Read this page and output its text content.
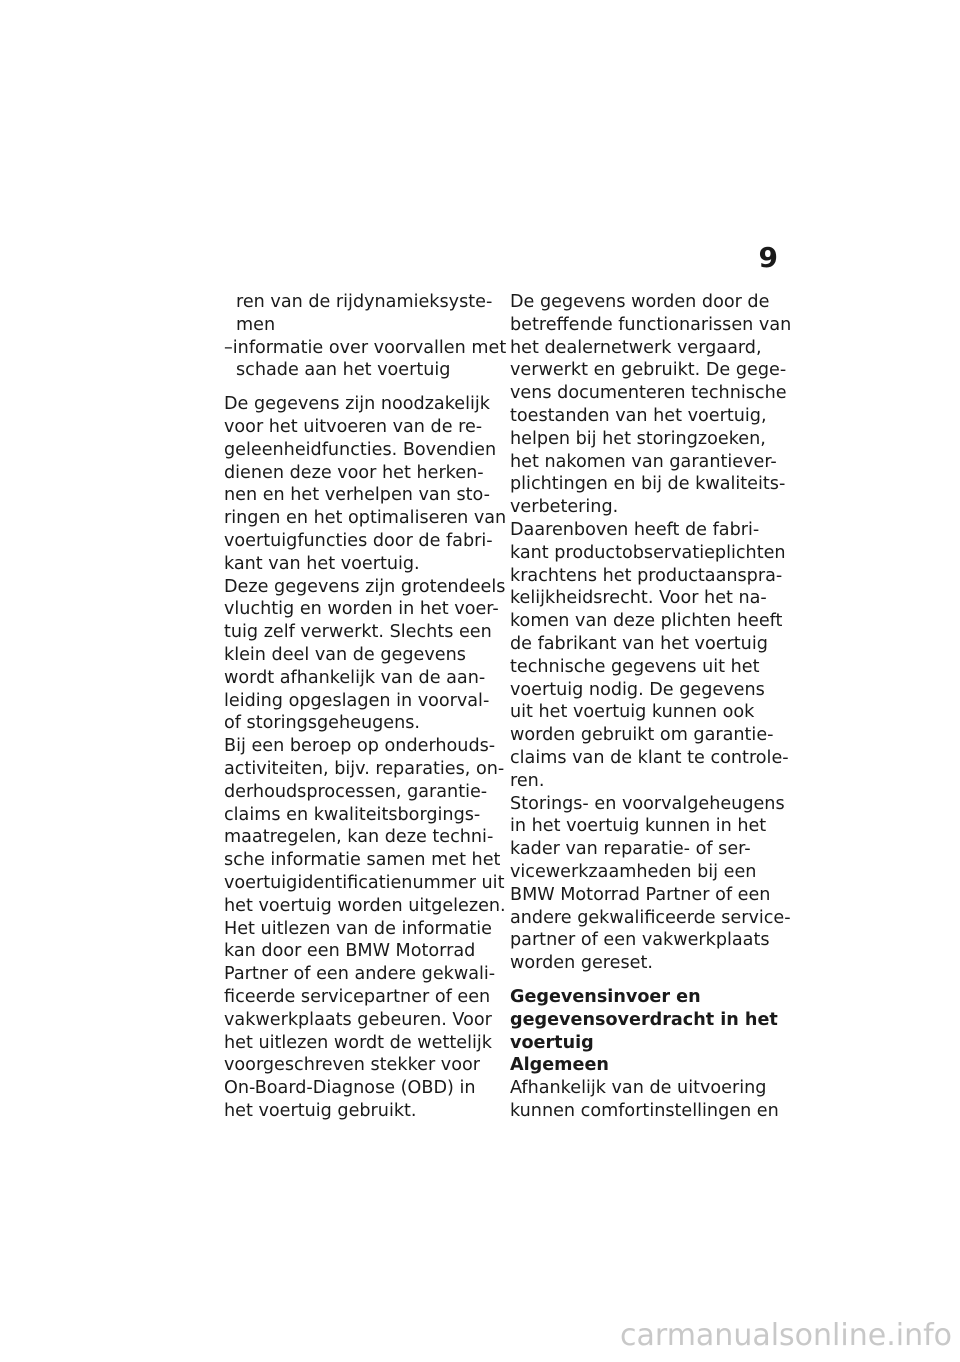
9
ren van de rijdynamieksyste-
men
–informatie over voorvallen met
schade aan het voertuig
De gegevens zijn noodzakelijk
voor het uitvoeren van de re-
geleenheidfuncties. Bovendien
dienen deze voor het herken-
nen en het verhelpen van sto-
ringen en het optimaliseren van
voertuigfuncties door de fabri-
kant van het voertuig.
Deze gegevens zijn grotendeels
vluchtig en worden in het voer-
tuig zelf verwerkt. Slechts een
klein deel van de gegevens
wordt afhankelijk van de aan-
leiding opgeslagen in voorval-
of storingsgeheugens.
Bij een beroep op onderhouds-
activiteiten, bijv. reparaties, on-
derhoudsprocessen, garantie-
claims en kwaliteitsborgings-
maatregelen, kan deze techni-
sche informatie samen met het
voertuigidentificatienummer uit
het voertuig worden uitgelezen.
Het uitlezen van de informatie
kan door een BMW Motorrad
Partner of een andere gekwali-
ficeerde servicepartner of een
vakwerkplaats gebeuren. Voor
het uitlezen wordt de wettelijk
voorgeschreven stekker voor
On-Board-Diagnose (OBD) in
het voertuig gebruikt.
De gegevens worden door de
betreffende functionarissen van
het dealernetwerk vergaard,
verwerkt en gebruikt. De gege-
vens documenteren technische
toestanden van het voertuig,
helpen bij het storingzoeken,
het nakomen van garantiever-
plichtingen en bij de kwaliteits-
verbetering.
Daarenboven heeft de fabri-
kant productobservatieplichten
krachtens het productaanspra-
kelijkheidsrecht. Voor het na-
komen van deze plichten heeft
de fabrikant van het voertuig
technische gegevens uit het
voertuig nodig. De gegevens
uit het voertuig kunnen ook
worden gebruikt om garantie-
claims van de klant te controle-
ren.
Storings- en voorvalgeheugens
in het voertuig kunnen in het
kader van reparatie- of ser-
vicewerkzaamheden bij een
BMW Motorrad Partner of een
andere gekwalificeerde service-
partner of een vakwerkplaats
worden gereset.
Gegevensinvoer en
gegevensoverdracht in het
voertuig
Algemeen
Afhankelijk van de uitvoering
kunnen comfortinstellingen en
carmanualsonline.info
